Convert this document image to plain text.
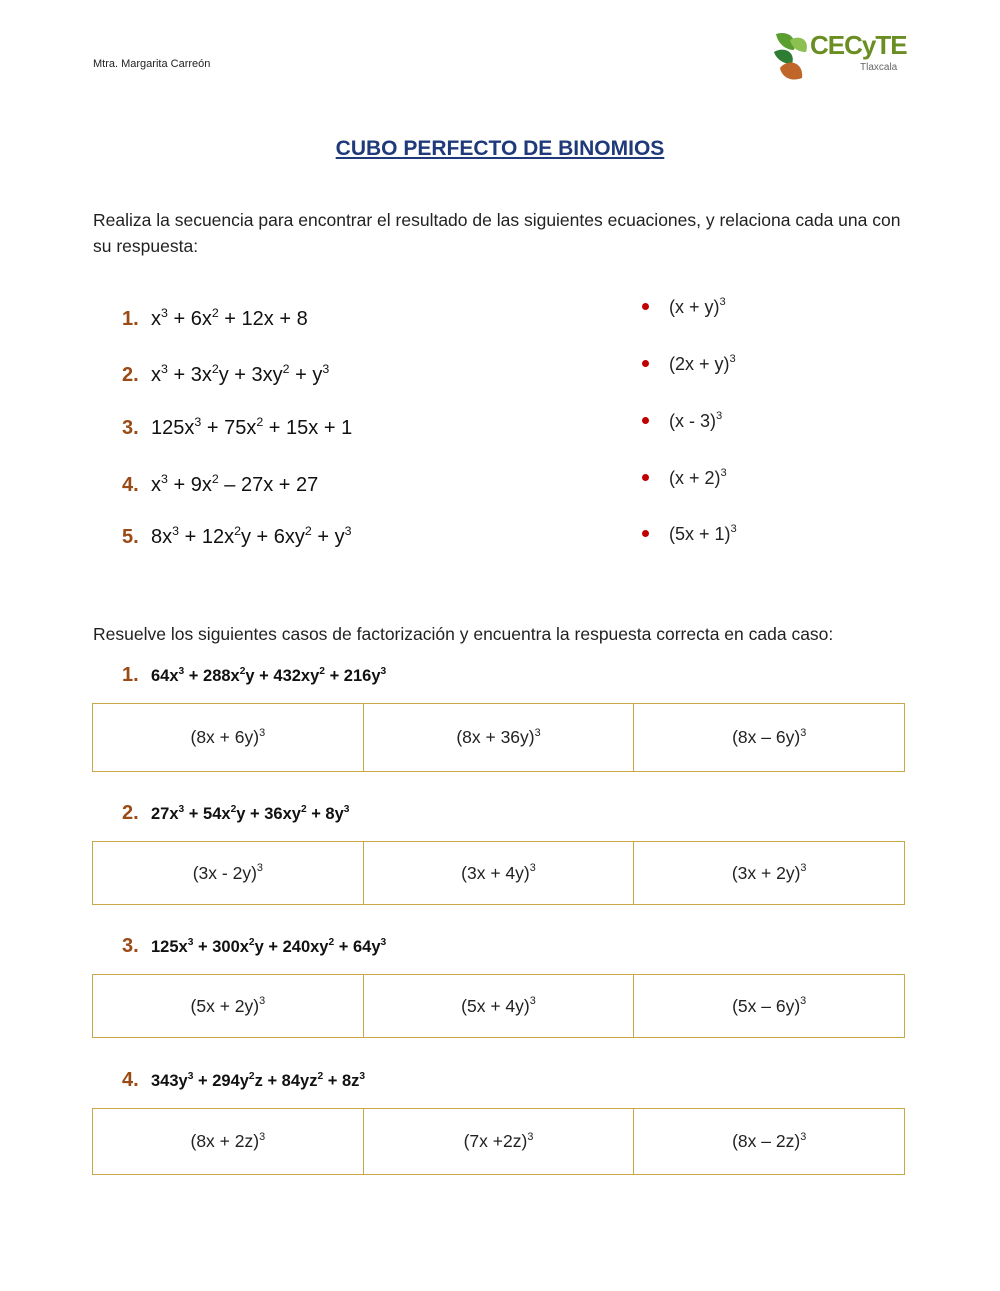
Mtra. Margarita Carreón
CECyTE
Tlaxcala
CUBO PERFECTO DE BINOMIOS
Realiza la secuencia para encontrar el resultado de las siguientes ecuaciones, y relaciona cada una con su respuesta:
1. $x^3 + 6x^2 + 12x + 8$
2. $x^3 + 3x^2y + 3xy^2 + y^3$
3. $125x^3 + 75x^2 + 15x + 1$
4. $x^3 + 9x^2 - 27x + 27$
5. $8x^3 + 12x^2y + 6xy^2 + y^3$
$(x + y)^3$
$(2x + y)^3$
(x - 3)$^3$
$(x + 2)^3$
$(5x + 1)^3$
Resuelve los siguientes casos de factorización y encuentra la respuesta correcta en cada caso:
1. $64x^3 + 288x^2y + 432xy^2 + 216y^3$
$(8x + 6y)^3$	$(8x + 36y)^3$	(8x – 6y)$^3$
2. $27x^3 + 54x^2y + 36xy^2 + 8y^3$
(3x - 2y)$^3$	$(3x + 4y)^3$	$(3x + 2y)^3$
3. $125x^3 + 300x^2y + 240xy^2 + 64y^3$
$(5x + 2y)^3$	$(5x + 4y)^3$	(5x – 6y)$^3$
4. $343y^3 + 294y^2z + 84yz^2 + 8z^3$
$(8x + 2z)^3$	$(7x +2z)^3$	(8x – 2z)$^3$
